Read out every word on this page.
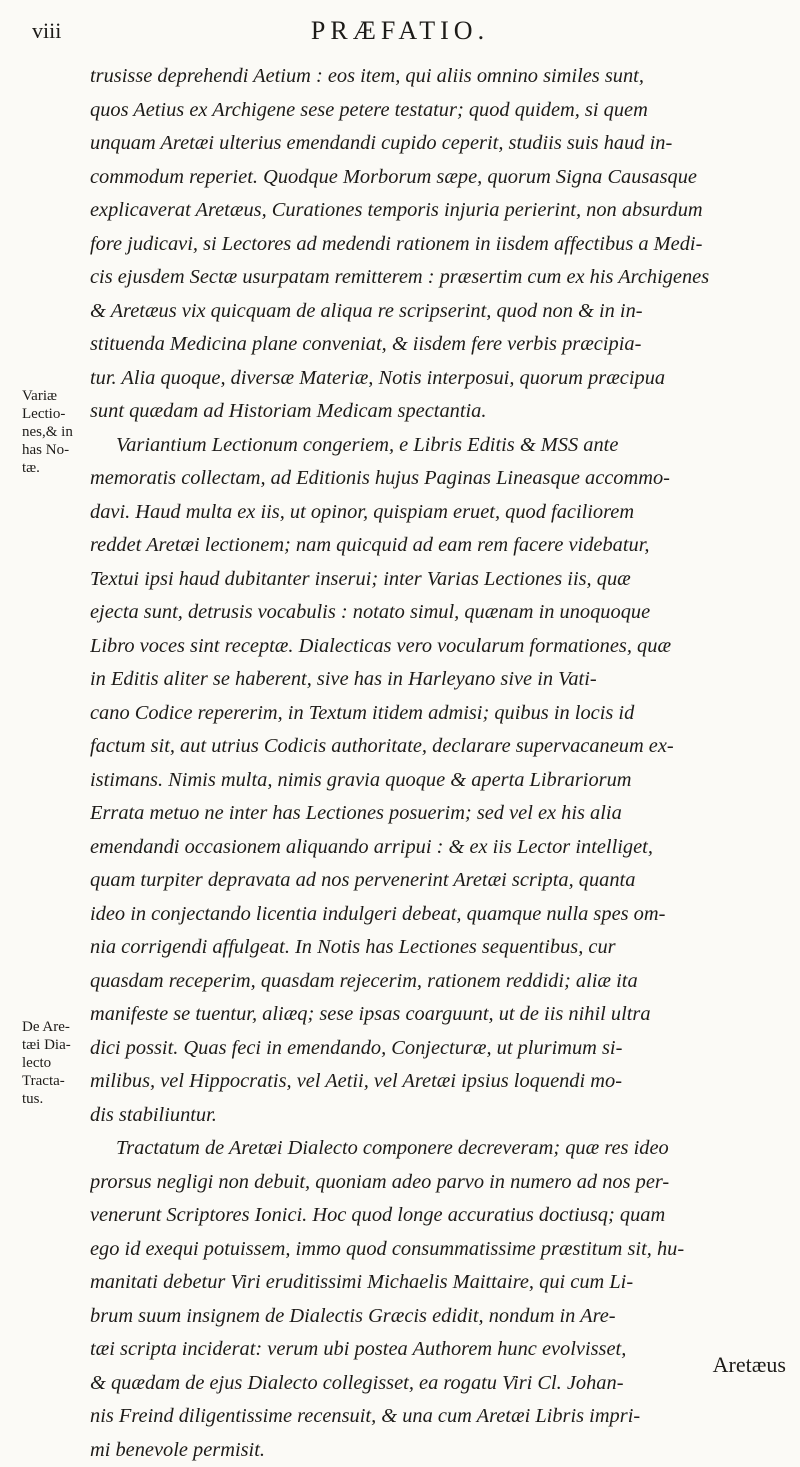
viii	PRÆFATIO.
Variæ
Lectio-
nes,& in
has No-
tæ.
De Are-
tæi Dia-
lecto
Tracta-
tus.
trusisse deprehendi Aetium : eos item, qui aliis omnino similes sunt,
quos Aetius ex Archigene sese petere testatur; quod quidem, si quem
unquam Aretæi ulterius emendandi cupido ceperit, studiis suis haud in-
commodum reperiet. Quodque Morborum sæpe, quorum Signa Causasque
explicaverat Aretæus, Curationes temporis injuria perierint, non absurdum
fore judicavi, si Lectores ad medendi rationem in iisdem affectibus a Medi-
cis ejusdem Sectæ usurpatam remitterem : præsertim cum ex his Archigenes
& Aretæus vix quicquam de aliqua re scripserint, quod non & in in-
stituenda Medicina plane conveniat, & iisdem fere verbis præcipia-
tur. Alia quoque, diversæ Materiæ, Notis interposui, quorum præcipua
sunt quædam ad Historiam Medicam spectantia.
Variantium Lectionum congeriem, e Libris Editis & MSS ante
memoratis collectam, ad Editionis hujus Paginas Lineasque accommo-
davi. Haud multa ex iis, ut opinor, quispiam eruet, quod faciliorem
reddet Aretæi lectionem; nam quicquid ad eam rem facere videbatur,
Textui ipsi haud dubitanter inserui; inter Varias Lectiones iis, quæ
ejecta sunt, detrusis vocabulis : notato simul, quænam in unoquoque
Libro voces sint receptæ. Dialecticas vero vocularum formationes, quæ
in Editis aliter se haberent, sive has in Harleyano sive in Vati-
cano Codice repererim, in Textum itidem admisi; quibus in locis id
factum sit, aut utrius Codicis authoritate, declarare supervacaneum ex-
istimans. Nimis multa, nimis gravia quoque & aperta Librariorum
Errata metuo ne inter has Lectiones posuerim; sed vel ex his alia
emendandi occasionem aliquando arripui : & ex iis Lector intelliget,
quam turpiter depravata ad nos pervenerint Aretæi scripta, quanta
ideo in conjectando licentia indulgeri debeat, quamque nulla spes om-
nia corrigendi affulgeat. In Notis has Lectiones sequentibus, cur
quasdam receperim, quasdam rejecerim, rationem reddidi; aliæ ita
manifeste se tuentur, aliæq; sese ipsas coarguunt, ut de iis nihil ultra
dici possit. Quas feci in emendando, Conjecturæ, ut plurimum si-
milibus, vel Hippocratis, vel Aetii, vel Aretæi ipsius loquendi mo-
dis stabiliuntur.
Tractatum de Aretæi Dialecto componere decreveram; quæ res ideo
prorsus negligi non debuit, quoniam adeo parvo in numero ad nos per-
venerunt Scriptores Ionici. Hoc quod longe accuratius doctiusq; quam
ego id exequi potuissem, immo quod consummatissime præstitum sit, hu-
manitati debetur Viri eruditissimi Michaelis Maittaire, qui cum Li-
brum suum insignem de Dialectis Græcis edidit, nondum in Are-
tæi scripta inciderat: verum ubi postea Authorem hunc evolvisset,
& quædam de ejus Dialecto collegisset, ea rogatu Viri Cl. Johan-
nis Freind diligentissime recensuit, & una cum Aretæi Libris impri-
mi benevole permisit.
Aretæus
